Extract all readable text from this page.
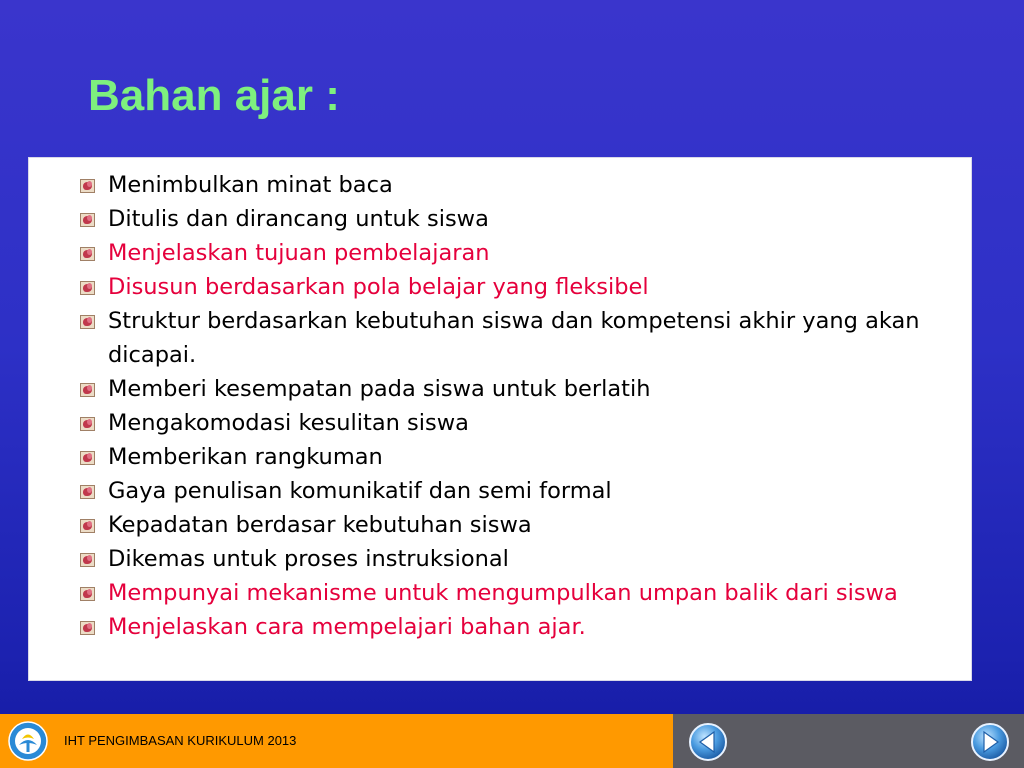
Bahan ajar :
Menimbulkan minat baca
Ditulis dan dirancang untuk siswa
Menjelaskan tujuan pembelajaran
Disusun berdasarkan pola belajar yang fleksibel
Struktur berdasarkan kebutuhan siswa dan kompetensi akhir yang akan dicapai.
Memberi kesempatan pada siswa untuk berlatih
Mengakomodasi kesulitan siswa
Memberikan rangkuman
Gaya penulisan komunikatif dan semi formal
Kepadatan berdasar kebutuhan siswa
Dikemas untuk proses instruksional
Mempunyai mekanisme untuk mengumpulkan umpan balik dari siswa
Menjelaskan cara mempelajari bahan ajar.
IHT PENGIMBASAN KURIKULUM 2013
